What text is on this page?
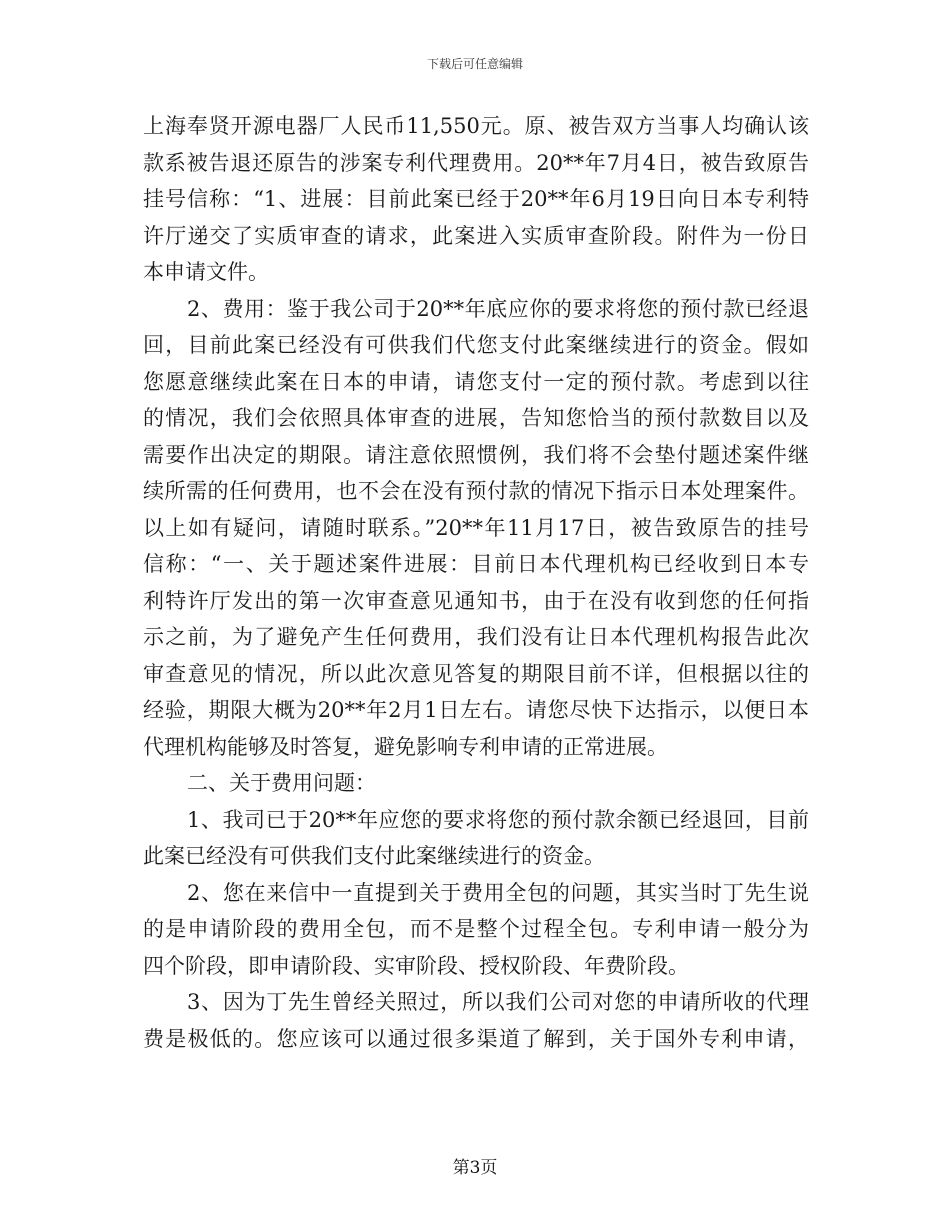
下载后可任意编辑
上海奉贤开源电器厂人民币11,550元。原、被告双方当事人均确认该
款系被告退还原告的涉案专利代理费用。20**年7月4日，被告致原告
挂号信称：“1、进展：目前此案已经于20**年6月19日向日本专利特
许厅递交了实质审查的请求，此案进入实质审查阶段。附件为一份日
本申请文件。
2、费用：鉴于我公司于20**年底应你的要求将您的预付款已经退
回，目前此案已经没有可供我们代您支付此案继续进行的资金。假如
您愿意继续此案在日本的申请，请您支付一定的预付款。考虑到以往
的情况，我们会依照具体审查的进展，告知您恰当的预付款数目以及
需要作出决定的期限。请注意依照惯例，我们将不会垫付题述案件继
续所需的任何费用，也不会在没有预付款的情况下指示日本处理案件。
以上如有疑问，请随时联系。”20**年11月17日，被告致原告的挂号
信称：“一、关于题述案件进展：目前日本代理机构已经收到日本专
利特许厅发出的第一次审查意见通知书，由于在没有收到您的任何指
示之前，为了避免产生任何费用，我们没有让日本代理机构报告此次
审查意见的情况，所以此次意见答复的期限目前不详，但根据以往的
经验，期限大概为20**年2月1日左右。请您尽快下达指示，以便日本
代理机构能够及时答复，避免影响专利申请的正常进展。
二、关于费用问题：
1、我司已于20**年应您的要求将您的预付款余额已经退回，目前
此案已经没有可供我们支付此案继续进行的资金。
2、您在来信中一直提到关于费用全包的问题，其实当时丁先生说
的是申请阶段的费用全包，而不是整个过程全包。专利申请一般分为
四个阶段，即申请阶段、实审阶段、授权阶段、年费阶段。
3、因为丁先生曾经关照过，所以我们公司对您的申请所收的代理
费是极低的。您应该可以通过很多渠道了解到，关于国外专利申请，
第3页
